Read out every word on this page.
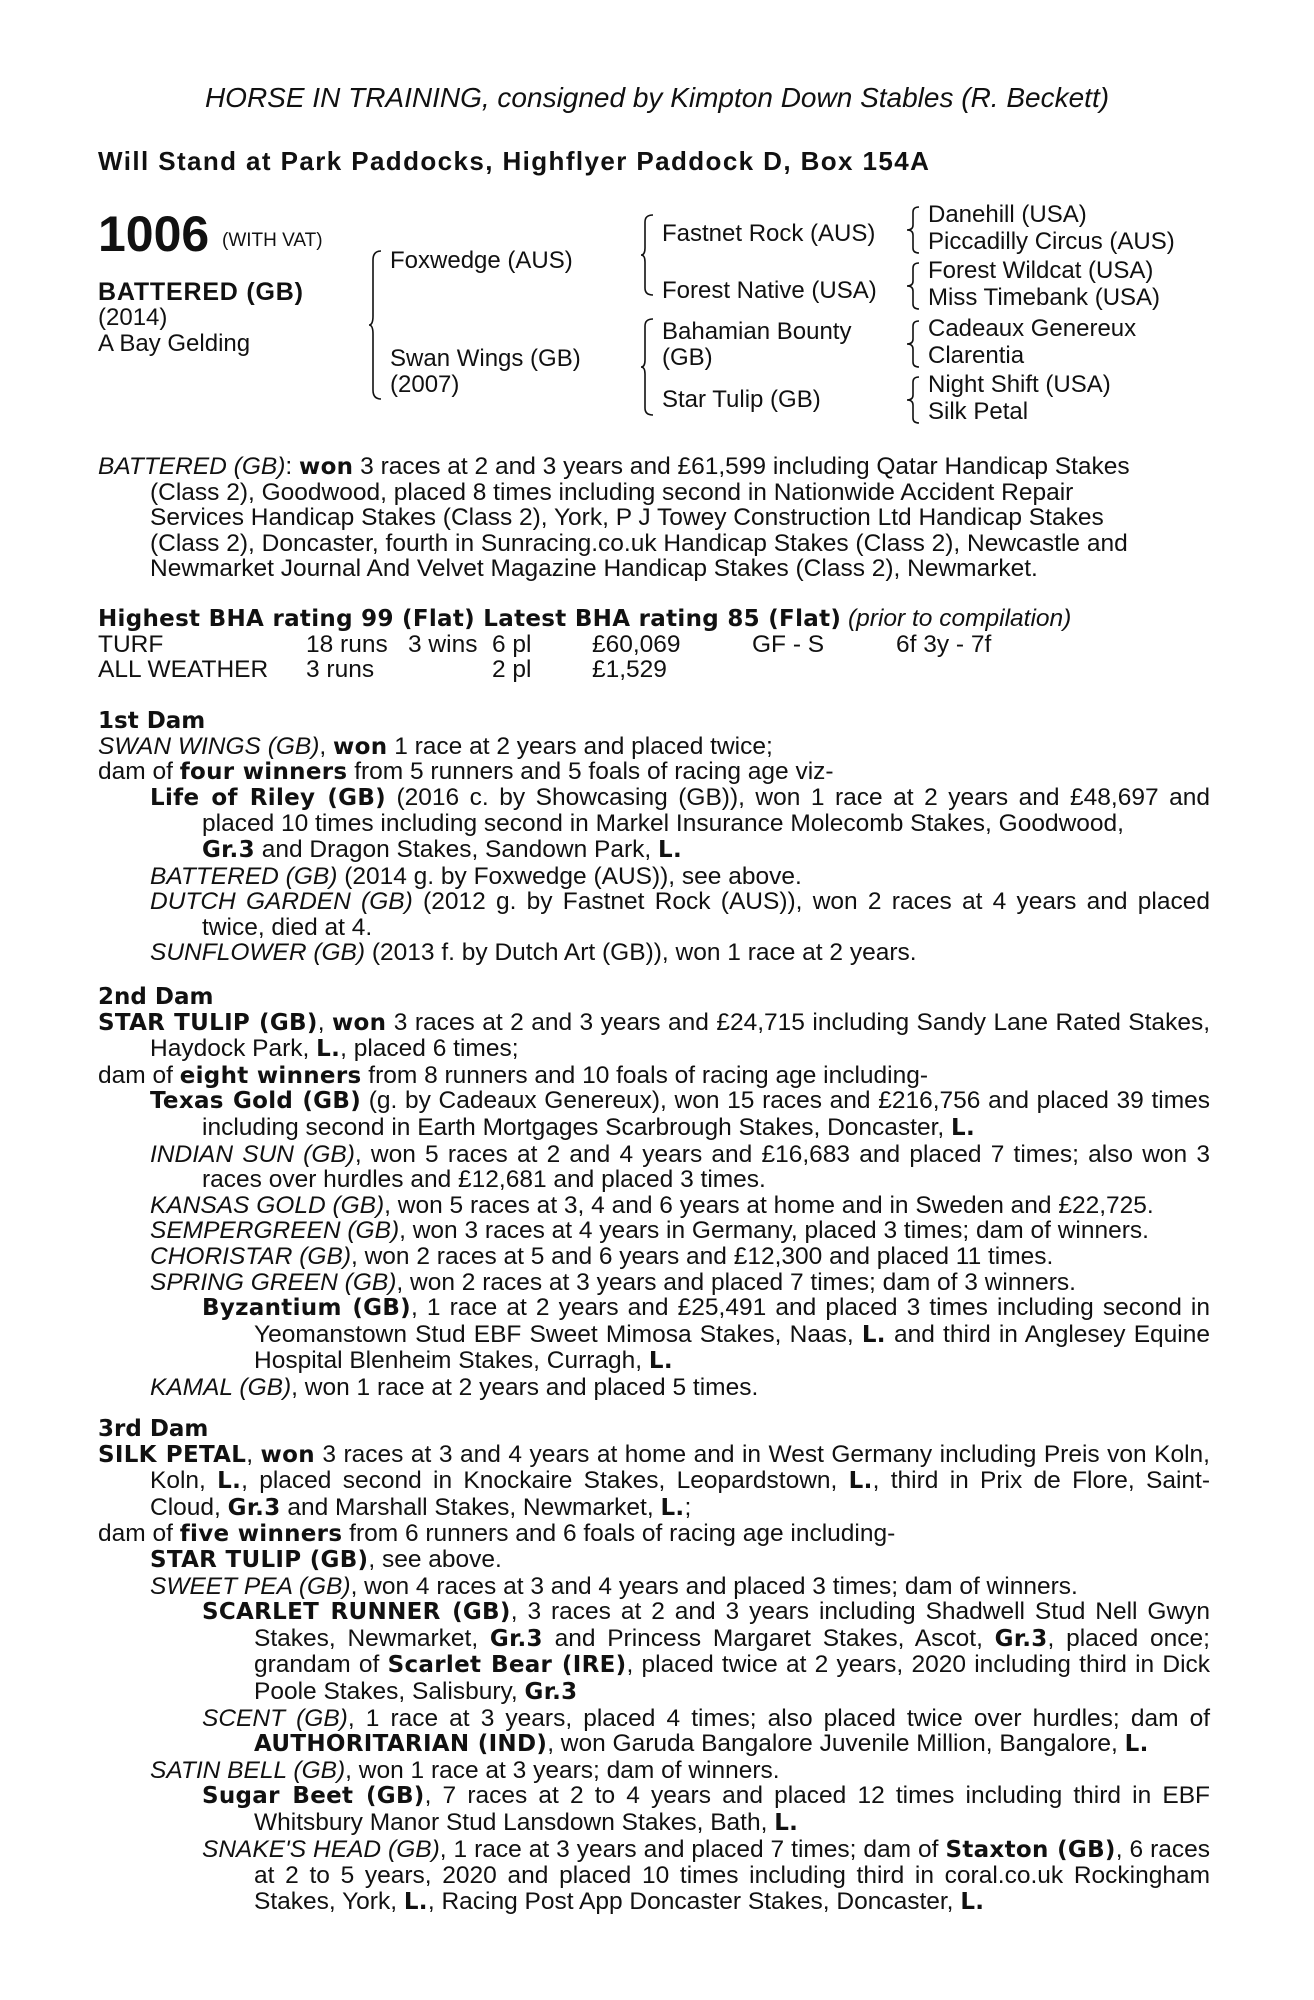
HORSE IN TRAINING, consigned by Kimpton Down Stables (R. Beckett)
Will Stand at Park Paddocks, Highflyer Paddock D, Box 154A
1006 (WITH VAT)
BATTERED (GB)
(2014)
A Bay Gelding
Foxwedge (AUS)
Swan Wings (GB)
(2007)
Fastnet Rock (AUS)
Forest Native (USA)
Bahamian Bounty
(GB)
Star Tulip (GB)
Danehill (USA)
Piccadilly Circus (AUS)
Forest Wildcat (USA)
Miss Timebank (USA)
Cadeaux Genereux
Clarentia
Night Shift (USA)
Silk Petal
BATTERED (GB): won 3 races at 2 and 3 years and £61,599 including Qatar Handicap Stakes
(Class 2), Goodwood, placed 8 times including second in Nationwide Accident Repair
Services Handicap Stakes (Class 2), York, P J Towey Construction Ltd Handicap Stakes
(Class 2), Doncaster, fourth in Sunracing.co.uk Handicap Stakes (Class 2), Newcastle and
Newmarket Journal And Velvet Magazine Handicap Stakes (Class 2), Newmarket.
Highest BHA rating 99 (Flat) Latest BHA rating 85 (Flat) (prior to compilation)
TURF	18 runs	3 wins	6 pl	£60,069	GF - S	6f 3y - 7f
ALL WEATHER	3 runs		2 pl	£1,529		
1st Dam
SWAN WINGS (GB), won 1 race at 2 years and placed twice;
dam of four winners from 5 runners and 5 foals of racing age viz-

Life of Riley (GB) (2016 c. by Showcasing (GB)), won 1 race at 2 years and £48,697 and placed 10 times including second in Markel Insurance Molecomb Stakes, Goodwood,
Gr.3 and Dragon Stakes, Sandown Park, L.

BATTERED (GB) (2014 g. by Foxwedge (AUS)), see above.

DUTCH GARDEN (GB) (2012 g. by Fastnet Rock (AUS)), won 2 races at 4 years and placed twice, died at 4.

SUNFLOWER (GB) (2013 f. by Dutch Art (GB)), won 1 race at 2 years.

2nd Dam

STAR TULIP (GB), won 3 races at 2 and 3 years and £24,715 including Sandy Lane Rated Stakes, Haydock Park, L., placed 6 times;

dam of eight winners from 8 runners and 10 foals of racing age including-

Texas Gold (GB) (g. by Cadeaux Genereux), won 15 races and £216,756 and placed 39 times including second in Earth Mortgages Scarbrough Stakes, Doncaster, L.

INDIAN SUN (GB), won 5 races at 2 and 4 years and £16,683 and placed 7 times; also won 3 races over hurdles and £12,681 and placed 3 times.

KANSAS GOLD (GB), won 5 races at 3, 4 and 6 years at home and in Sweden and £22,725.

SEMPERGREEN (GB), won 3 races at 4 years in Germany, placed 3 times; dam of winners.

CHORISTAR (GB), won 2 races at 5 and 6 years and £12,300 and placed 11 times.

SPRING GREEN (GB), won 2 races at 3 years and placed 7 times; dam of 3 winners.

Byzantium (GB), 1 race at 2 years and £25,491 and placed 3 times including second in Yeomanstown Stud EBF Sweet Mimosa Stakes, Naas, L. and third in Anglesey Equine Hospital Blenheim Stakes, Curragh, L.

KAMAL (GB), won 1 race at 2 years and placed 5 times.

3rd Dam

SILK PETAL, won 3 races at 3 and 4 years at home and in West Germany including Preis von Koln, Koln, L., placed second in Knockaire Stakes, Leopardstown, L., third in Prix de Flore, Saint-Cloud, Gr.3 and Marshall Stakes, Newmarket, L.;

dam of five winners from 6 runners and 6 foals of racing age including-

STAR TULIP (GB), see above.

SWEET PEA (GB), won 4 races at 3 and 4 years and placed 3 times; dam of winners.

SCARLET RUNNER (GB), 3 races at 2 and 3 years including Shadwell Stud Nell Gwyn Stakes, Newmarket, Gr.3 and Princess Margaret Stakes, Ascot, Gr.3, placed once; grandam of Scarlet Bear (IRE), placed twice at 2 years, 2020 including third in Dick Poole Stakes, Salisbury, Gr.3

SCENT (GB), 1 race at 3 years, placed 4 times; also placed twice over hurdles; dam of AUTHORITARIAN (IND), won Garuda Bangalore Juvenile Million, Bangalore, L.

SATIN BELL (GB), won 1 race at 3 years; dam of winners.

Sugar Beet (GB), 7 races at 2 to 4 years and placed 12 times including third in EBF Whitsbury Manor Stud Lansdown Stakes, Bath, L.

SNAKE'S HEAD (GB), 1 race at 3 years and placed 7 times; dam of Staxton (GB), 6 races at 2 to 5 years, 2020 and placed 10 times including third in coral.co.uk Rockingham Stakes, York, L., Racing Post App Doncaster Stakes, Doncaster, L.
